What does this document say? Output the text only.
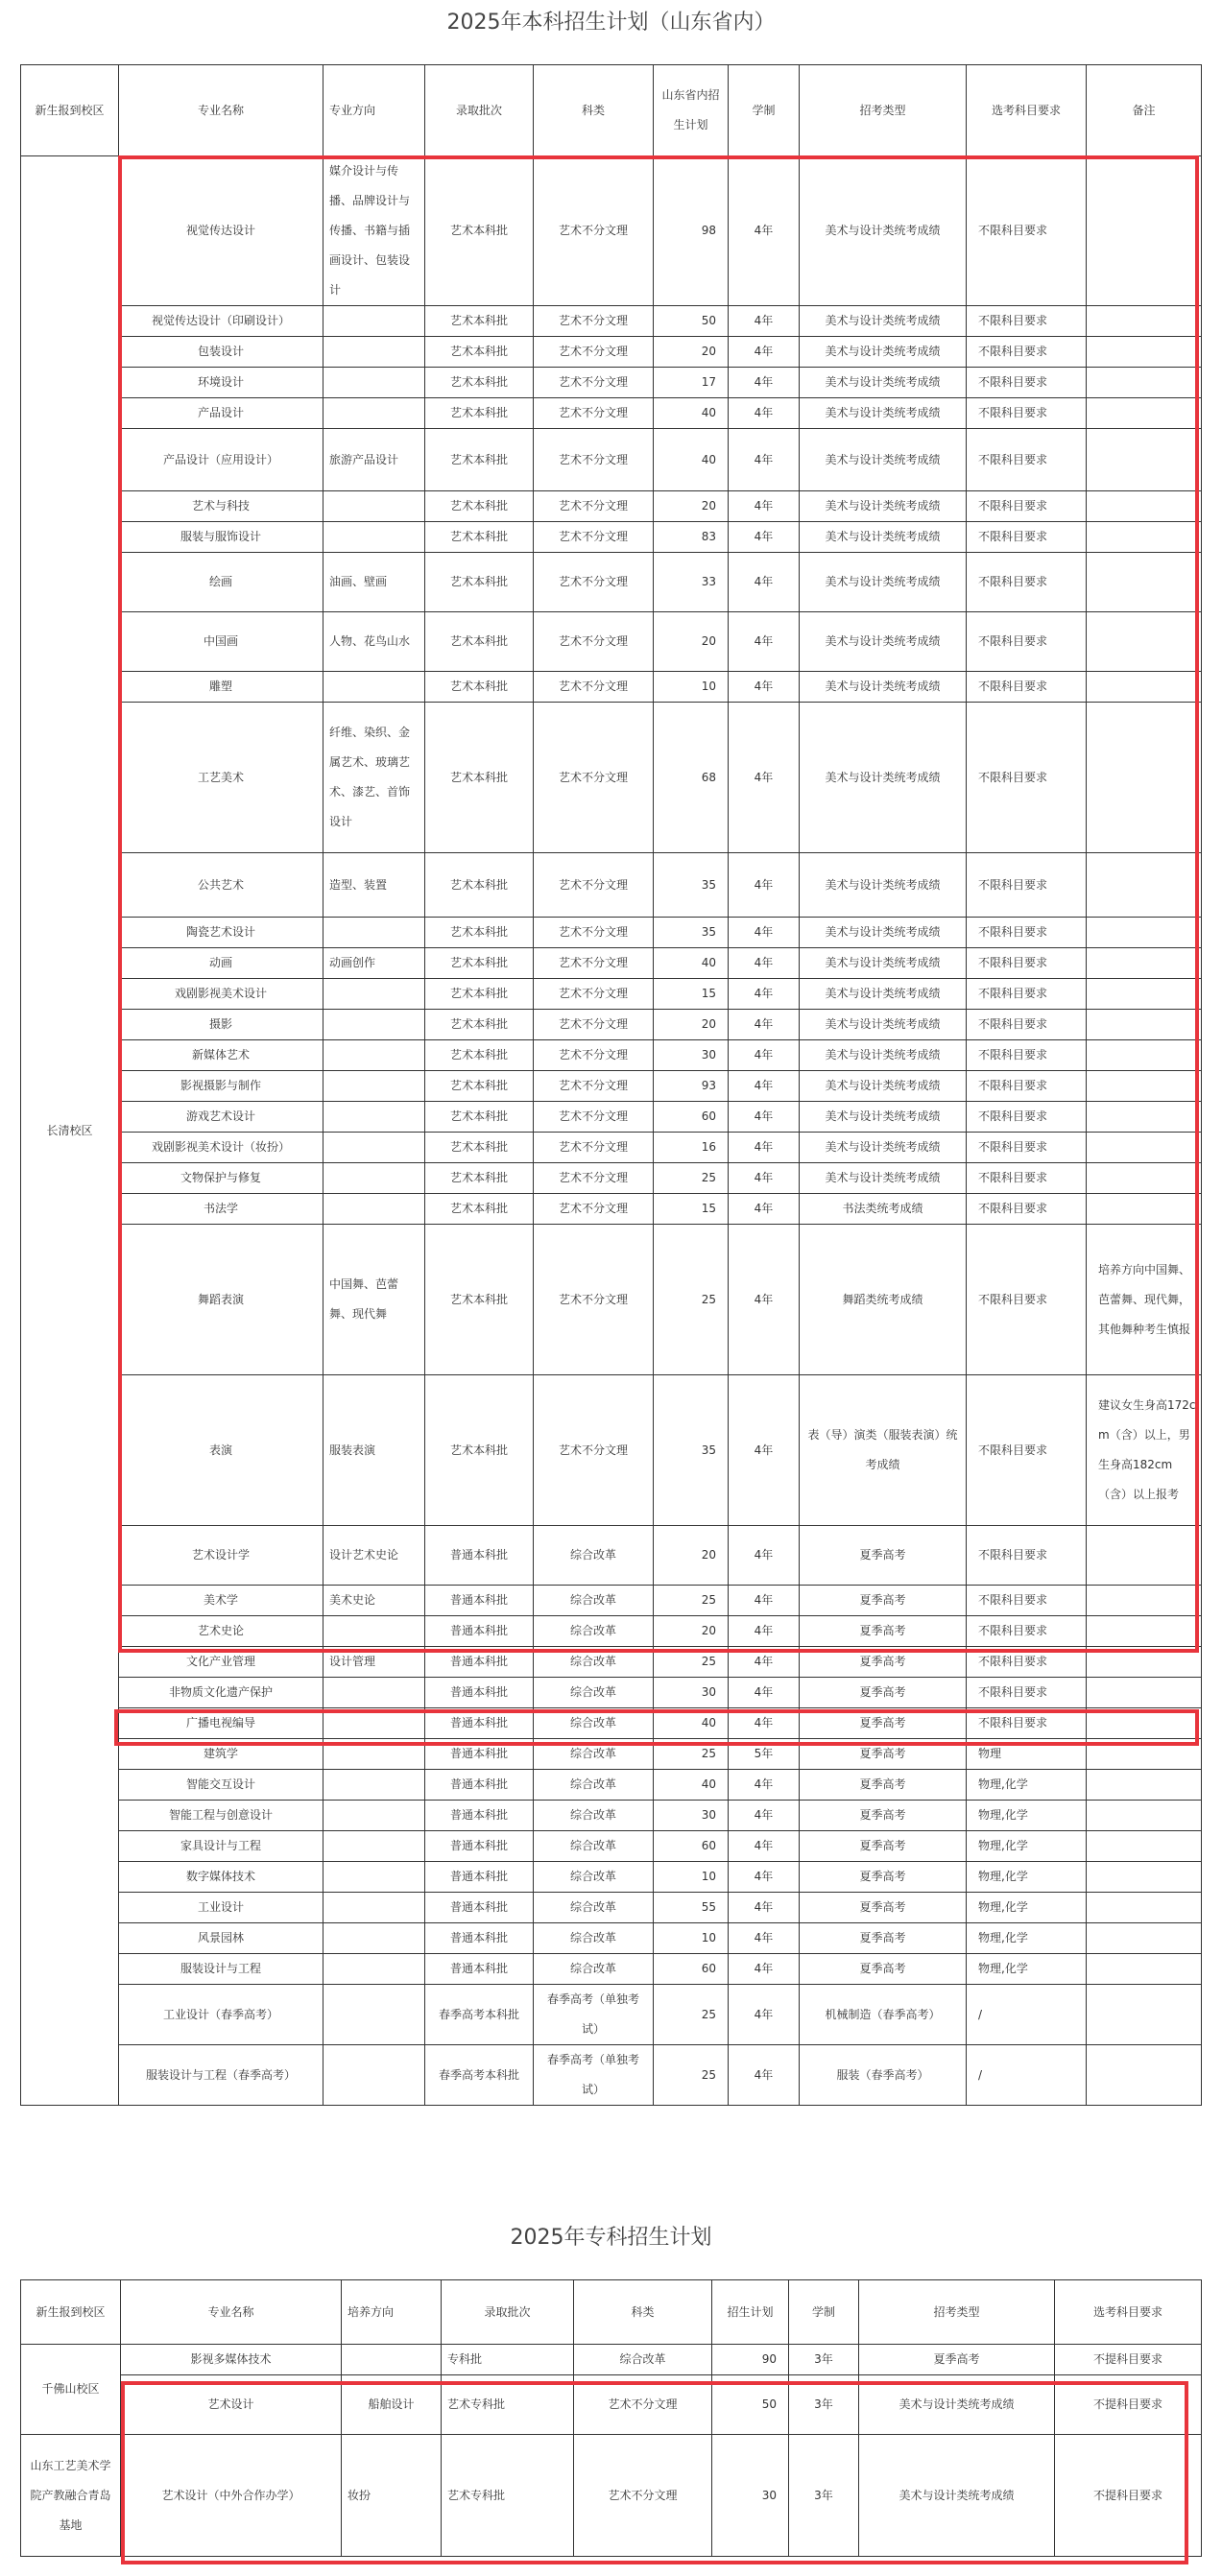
2025年本科招生计划（山东省内）
新生报到校区	专业名称	专业方向	录取批次	科类	山东省内招生计划	学制	招考类型	选考科目要求	备注
长清校区	视觉传达设计	媒介设计与传播、品牌设计与传播、书籍与插画设计、包装设计	艺术本科批	艺术不分文理	98	4年	美术与设计类统考成绩	不限科目要求	
	视觉传达设计（印刷设计）		艺术本科批	艺术不分文理	50	4年	美术与设计类统考成绩	不限科目要求	
	包装设计		艺术本科批	艺术不分文理	20	4年	美术与设计类统考成绩	不限科目要求	
	环境设计		艺术本科批	艺术不分文理	17	4年	美术与设计类统考成绩	不限科目要求	
	产品设计		艺术本科批	艺术不分文理	40	4年	美术与设计类统考成绩	不限科目要求	
	产品设计（应用设计）	旅游产品设计	艺术本科批	艺术不分文理	40	4年	美术与设计类统考成绩	不限科目要求	
	艺术与科技		艺术本科批	艺术不分文理	20	4年	美术与设计类统考成绩	不限科目要求	
	服装与服饰设计		艺术本科批	艺术不分文理	83	4年	美术与设计类统考成绩	不限科目要求	
	绘画	油画、壁画	艺术本科批	艺术不分文理	33	4年	美术与设计类统考成绩	不限科目要求	
	中国画	人物、花鸟山水	艺术本科批	艺术不分文理	20	4年	美术与设计类统考成绩	不限科目要求	
	雕塑		艺术本科批	艺术不分文理	10	4年	美术与设计类统考成绩	不限科目要求	
	工艺美术	纤维、染织、金属艺术、玻璃艺术、漆艺、首饰设计	艺术本科批	艺术不分文理	68	4年	美术与设计类统考成绩	不限科目要求	
	公共艺术	造型、装置	艺术本科批	艺术不分文理	35	4年	美术与设计类统考成绩	不限科目要求	
	陶瓷艺术设计		艺术本科批	艺术不分文理	35	4年	美术与设计类统考成绩	不限科目要求	
	动画	动画创作	艺术本科批	艺术不分文理	40	4年	美术与设计类统考成绩	不限科目要求	
	戏剧影视美术设计		艺术本科批	艺术不分文理	15	4年	美术与设计类统考成绩	不限科目要求	
	摄影		艺术本科批	艺术不分文理	20	4年	美术与设计类统考成绩	不限科目要求	
	新媒体艺术		艺术本科批	艺术不分文理	30	4年	美术与设计类统考成绩	不限科目要求	
	影视摄影与制作		艺术本科批	艺术不分文理	93	4年	美术与设计类统考成绩	不限科目要求	
	游戏艺术设计		艺术本科批	艺术不分文理	60	4年	美术与设计类统考成绩	不限科目要求	
	戏剧影视美术设计（妆扮）		艺术本科批	艺术不分文理	16	4年	美术与设计类统考成绩	不限科目要求	
	文物保护与修复		艺术本科批	艺术不分文理	25	4年	美术与设计类统考成绩	不限科目要求	
	书法学		艺术本科批	艺术不分文理	15	4年	书法类统考成绩	不限科目要求	
	舞蹈表演	中国舞、芭蕾舞、现代舞	艺术本科批	艺术不分文理	25	4年	舞蹈类统考成绩	不限科目要求	培养方向中国舞、芭蕾舞、现代舞，其他舞种考生慎报
	表演	服装表演	艺术本科批	艺术不分文理	35	4年	表（导）演类（服装表演）统考成绩	不限科目要求	建议女生身高172cm（含）以上，男生身高182cm（含）以上报考
	艺术设计学	设计艺术史论	普通本科批	综合改革	20	4年	夏季高考	不限科目要求	
	美术学	美术史论	普通本科批	综合改革	25	4年	夏季高考	不限科目要求	
	艺术史论		普通本科批	综合改革	20	4年	夏季高考	不限科目要求	
	文化产业管理	设计管理	普通本科批	综合改革	25	4年	夏季高考	不限科目要求	
	非物质文化遗产保护		普通本科批	综合改革	30	4年	夏季高考	不限科目要求	
	广播电视编导		普通本科批	综合改革	40	4年	夏季高考	不限科目要求	
	建筑学		普通本科批	综合改革	25	5年	夏季高考	物理	
	智能交互设计		普通本科批	综合改革	40	4年	夏季高考	物理,化学	
	智能工程与创意设计		普通本科批	综合改革	30	4年	夏季高考	物理,化学	
	家具设计与工程		普通本科批	综合改革	60	4年	夏季高考	物理,化学	
	数字媒体技术		普通本科批	综合改革	10	4年	夏季高考	物理,化学	
	工业设计		普通本科批	综合改革	55	4年	夏季高考	物理,化学	
	风景园林		普通本科批	综合改革	10	4年	夏季高考	物理,化学	
	服装设计与工程		普通本科批	综合改革	60	4年	夏季高考	物理,化学	
	工业设计（春季高考）		春季高考本科批	春季高考（单独考试）	25	4年	机械制造（春季高考）	/	
	服装设计与工程（春季高考）		春季高考本科批	春季高考（单独考试）	25	4年	服装（春季高考）	/	
2025年专科招生计划
新生报到校区	专业名称	培养方向	录取批次	科类	招生计划	学制	招考类型	选考科目要求
千佛山校区	影视多媒体技术		专科批	综合改革	90	3年	夏季高考	不提科目要求
	艺术设计	船舶设计	艺术专科批	艺术不分文理	50	3年	美术与设计类统考成绩	不提科目要求
山东工艺美术学院产教融合青岛基地	艺术设计（中外合作办学）	妆扮	艺术专科批	艺术不分文理	30	3年	美术与设计类统考成绩	不提科目要求
